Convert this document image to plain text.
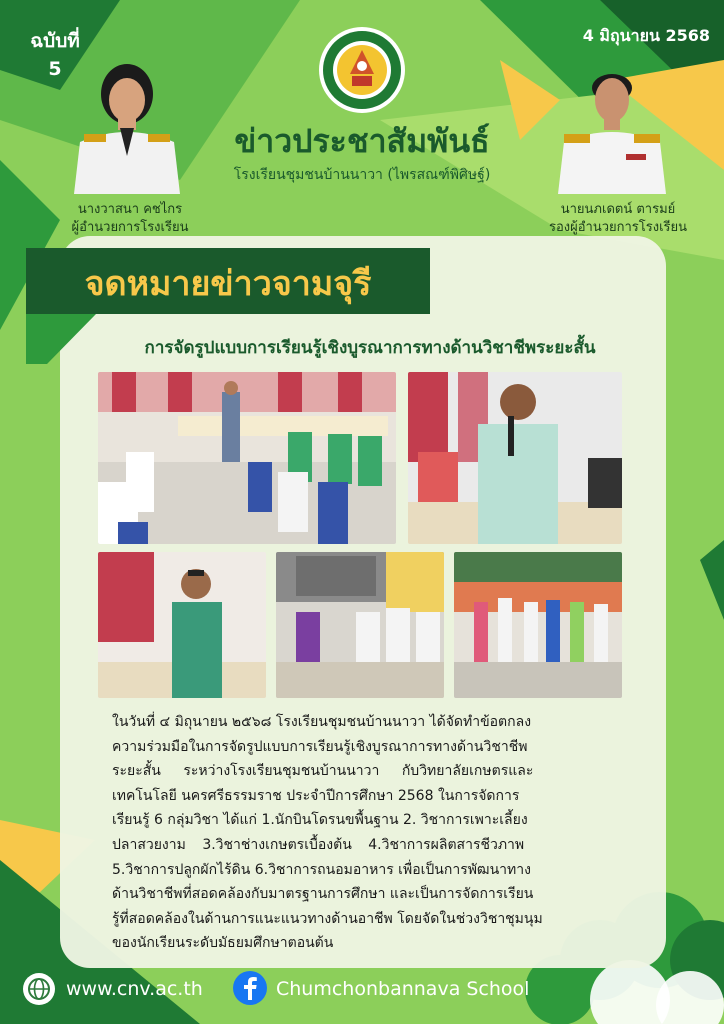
ฉบับที่
5
4 มิถุนายน 2568
ข่าวประชาสัมพันธ์
โรงเรียนชุมชนบ้านนาวา (ไพรสณฑ์พิศิษฐ์)
นางวาสนา คชไกร
ผู้อำนวยการโรงเรียน
นายนภเดตน์ ตารมย์
รองผู้อำนวยการโรงเรียน
จดหมายข่าวจามจุรี
การจัดรูปแบบการเรียนรู้เชิงบูรณาการทางด้านวิชาชีพระยะสั้น
ในวันที่ ๔ มิถุนายน ๒๕๖๘ โรงเรียนชุมชนบ้านนาวา ได้จัดทำข้อตกลง
ความร่วมมือในการจัดรูปแบบการเรียนรู้เชิงบูรณาการทางด้านวิชาชีพ
ระยะสั้น ระหว่างโรงเรียนชุมชนบ้านนาวา กับวิทยาลัยเกษตรและ
เทคโนโลยี นครศรีธรรมราช ประจำปีการศึกษา 2568 ในการจัดการ
เรียนรู้ 6 กลุ่มวิชา ได้แก่ 1.นักบินโดรนขพื้นฐาน 2. วิชาการเพาะเลี้ยง
ปลาสวยงาม 3.วิชาช่างเกษตรเบื้องต้น 4.วิชาการผลิตสารชีวภาพ
5.วิชาการปลูกผักไร้ดิน 6.วิชาการถนอมอาหาร เพื่อเป็นการพัฒนาทาง
ด้านวิชาชีพที่สอดคล้องกับมาตรฐานการศึกษา และเป็นการจัดการเรียน
รู้ที่สอดคล้องในด้านการแนะแนวทางด้านอาชีพ โดยจัดในช่วงวิชาชุมนุม
ของนักเรียนระดับมัธยมศึกษาตอนต้น
www.cnv.ac.th	Chumchonbannava School
